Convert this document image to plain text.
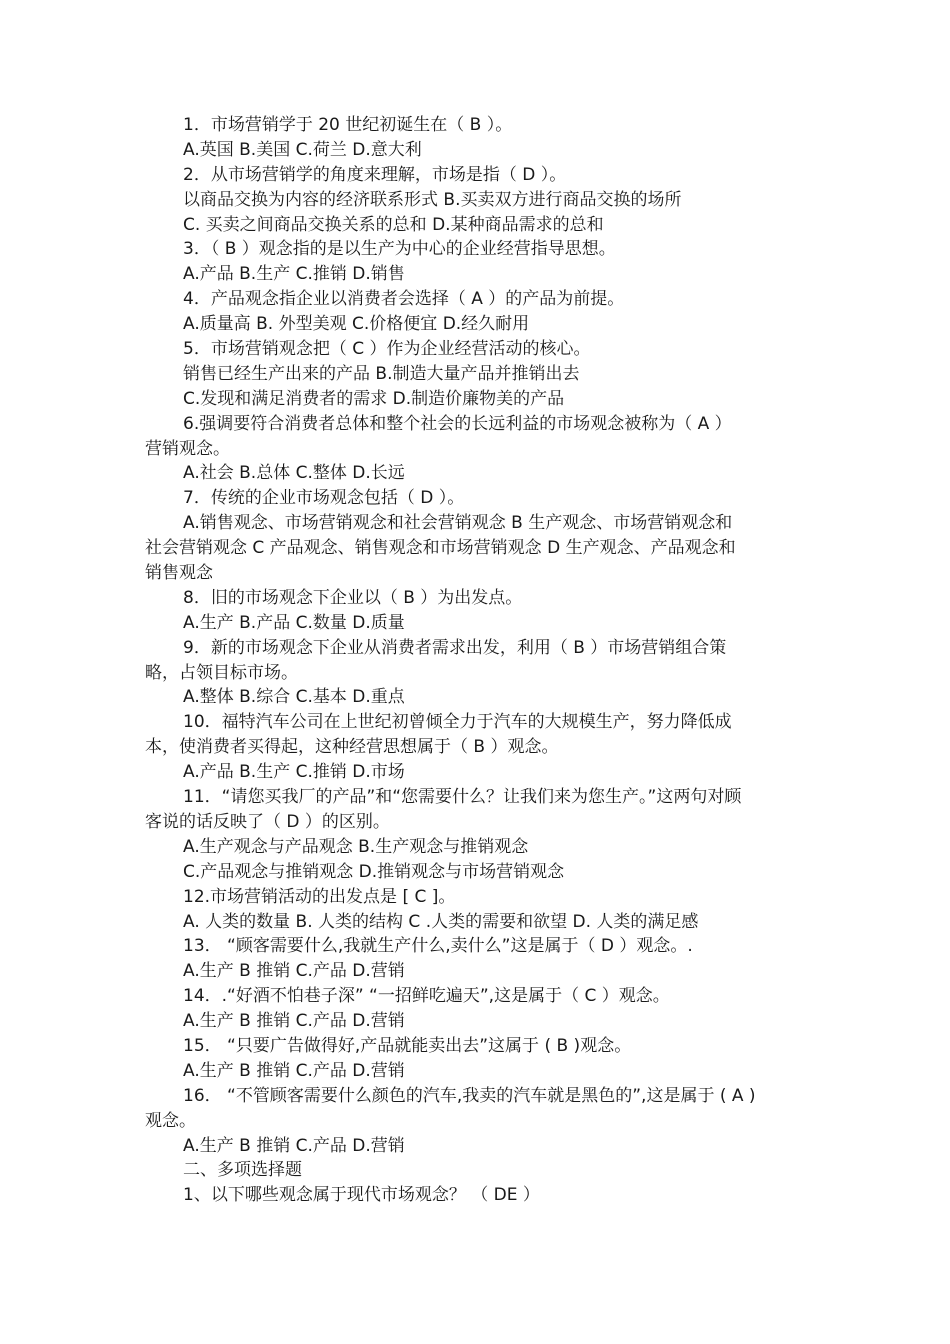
1．市场营销学于 20 世纪初诞生在（ B ）。
A.英国 B.美国 C.荷兰 D.意大利
2．从市场营销学的角度来理解，市场是指（ D ）。
以商品交换为内容的经济联系形式 B.买卖双方进行商品交换的场所
C. 买卖之间商品交换关系的总和 D.某种商品需求的总和
3．（ B ）观念指的是以生产为中心的企业经营指导思想。
A.产品 B.生产 C.推销 D.销售
4．产品观念指企业以消费者会选择（ A ）的产品为前提。
A.质量高 B. 外型美观 C.价格便宜 D.经久耐用
5．市场营销观念把（ C ）作为企业经营活动的核心。
销售已经生产出来的产品 B.制造大量产品并推销出去
C.发现和满足消费者的需求 D.制造价廉物美的产品
6.强调要符合消费者总体和整个社会的长远利益的市场观念被称为（ A ）
营销观念。
A.社会 B.总体 C.整体 D.长远
7．传统的企业市场观念包括（ D ）。
A.销售观念、市场营销观念和社会营销观念 B 生产观念、市场营销观念和
社会营销观念 C 产品观念、销售观念和市场营销观念 D 生产观念、产品观念和
销售观念
8．旧的市场观念下企业以（ B ）为出发点。
A.生产 B.产品 C.数量 D.质量
9．新的市场观念下企业从消费者需求出发，利用（ B ）市场营销组合策
略，占领目标市场。
A.整体 B.综合 C.基本 D.重点
10．福特汽车公司在上世纪初曾倾全力于汽车的大规模生产，努力降低成
本，使消费者买得起，这种经营思想属于（ B ）观念。
A.产品 B.生产 C.推销 D.市场
11．“请您买我厂的产品”和“您需要什么？让我们来为您生产。”这两句对顾
客说的话反映了（ D ）的区别。
A.生产观念与产品观念 B.生产观念与推销观念
C.产品观念与推销观念 D.推销观念与市场营销观念
12.市场营销活动的出发点是 [ C ]。
A. 人类的数量 B. 人类的结构 C .人类的需要和欲望 D. 人类的满足感
13． “顾客需要什么,我就生产什么,卖什么”这是属于（ D ）观念。.
A.生产 B 推销 C.产品 D.营销
14．.“好酒不怕巷子深” “一招鲜吃遍天”,这是属于（ C ）观念。
A.生产 B 推销 C.产品 D.营销
15． “只要广告做得好,产品就能卖出去”这属于 ( B )观念。
A.生产 B 推销 C.产品 D.营销
16． “不管顾客需要什么颜色的汽车,我卖的汽车就是黑色的”,这是属于 ( A )
观念。
A.生产 B 推销 C.产品 D.营销
二、多项选择题
1、以下哪些观念属于现代市场观念？ （ DE ）
